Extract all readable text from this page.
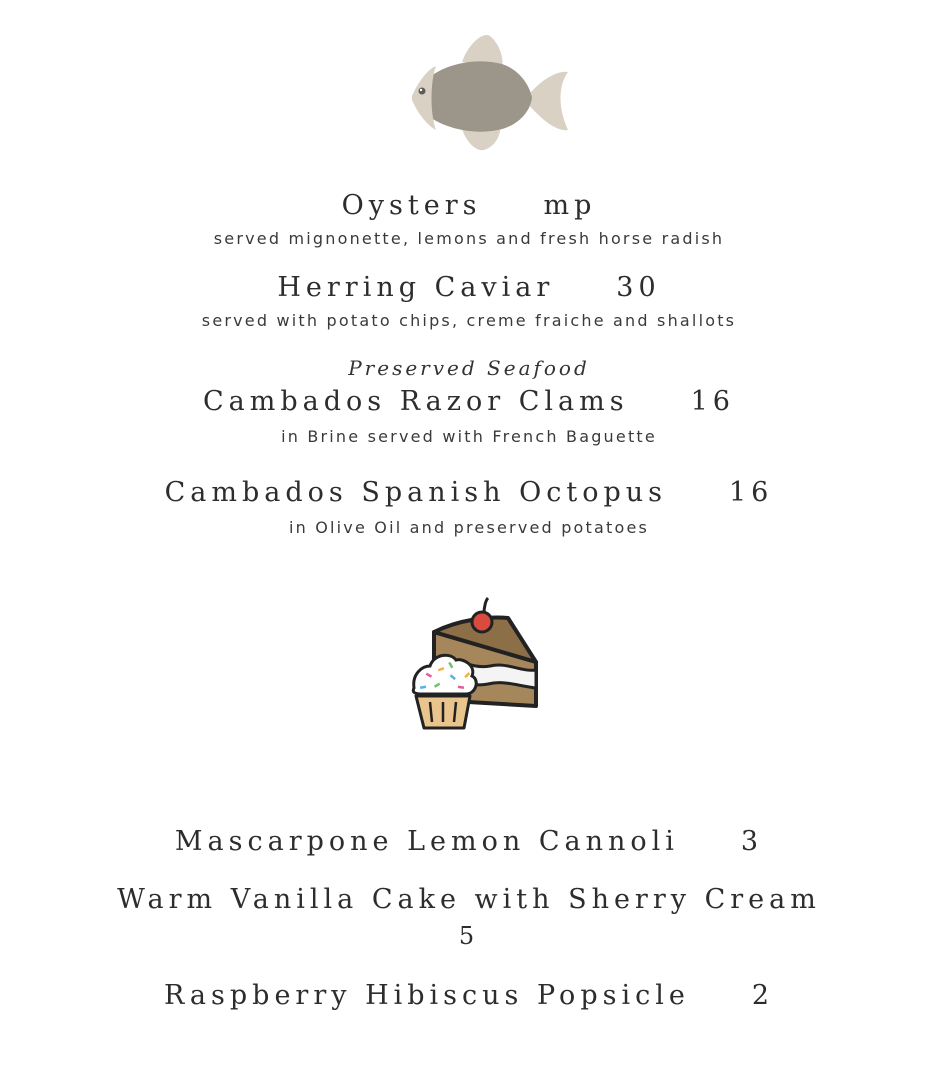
Oysters mp
served mignonette, lemons and fresh horse radish
Herring Caviar 30
served with potato chips, creme fraiche and shallots
Preserved Seafood
Cambados Razor Clams 16
in Brine served with French Baguette
Cambados Spanish Octopus 16
in Olive Oil and preserved potatoes
Mascarpone Lemon Cannoli 3
Warm Vanilla Cake with Sherry Cream
5
Raspberry Hibiscus Popsicle 2
